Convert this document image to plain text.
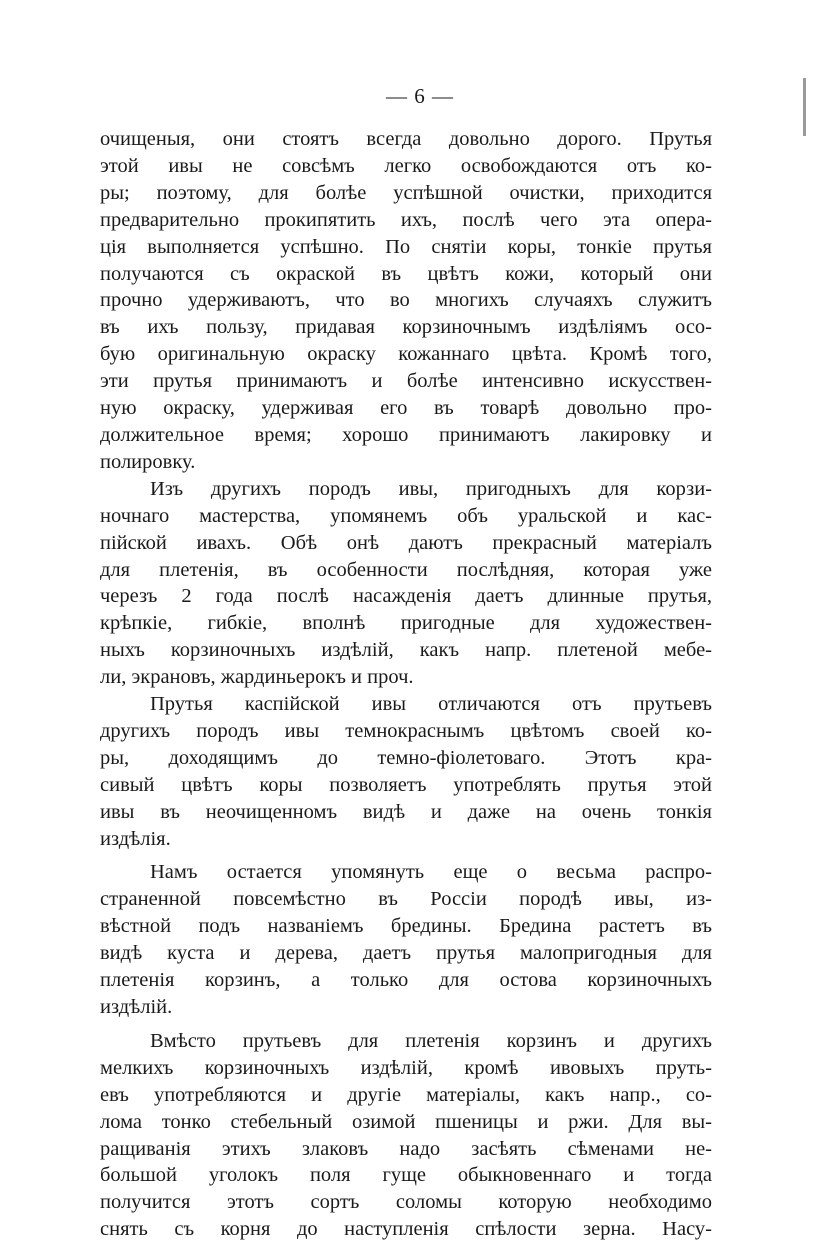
— 6 —
очищеныя, они стоятъ всегда довольно дорого. Прутья
этой ивы не совсѣмъ легко освобождаются отъ ко-
ры; поэтому, для болѣе успѣшной очистки, приходится
предварительно прокипятить ихъ, послѣ чего эта опера-
ція выполняется успѣшно. По снятіи коры, тонкіе прутья
получаются съ окраской въ цвѣтъ кожи, который они
прочно удерживаютъ, что во многихъ случаяхъ служитъ
въ ихъ пользу, придавая корзиночнымъ издѣліямъ осо-
бую оригинальную окраску кожаннаго цвѣта. Кромѣ того,
эти прутья принимаютъ и болѣе интенсивно искусствен-
ную окраску, удерживая его въ товарѣ довольно про-
должительное время; хорошо принимаютъ лакировку и
полировку.
Изъ другихъ породъ ивы, пригодныхъ для корзи-
ночнаго мастерства, упомянемъ объ уральской и кас-
пійской ивахъ. Обѣ онѣ даютъ прекрасный матеріалъ
для плетенія, въ особенности послѣдняя, которая уже
черезъ 2 года послѣ насажденія даетъ длинные прутья,
крѣпкіе, гибкіе, вполнѣ пригодные для художествен-
ныхъ корзиночныхъ издѣлій, какъ напр. плетеной мебе-
ли, экрановъ, жардиньерокъ и проч.
Прутья каспійской ивы отличаются отъ прутьевъ
другихъ породъ ивы темнокраснымъ цвѣтомъ своей ко-
ры, доходящимъ до темно-фіолетоваго. Этотъ кра-
сивый цвѣтъ коры позволяетъ употреблять прутья этой
ивы въ неочищенномъ видѣ и даже на очень тонкія
издѣлія.
Намъ остается упомянуть еще о весьма распро-
страненной повсемѣстно въ Россіи породѣ ивы, из-
вѣстной подъ названіемъ бредины. Бредина растетъ въ
видѣ куста и дерева, даетъ прутья малопригодныя для
плетенія корзинъ, а только для остова корзиночныхъ
издѣлій.
Вмѣсто прутьевъ для плетенія корзинъ и другихъ
мелкихъ корзиночныхъ издѣлій, кромѣ ивовыхъ пруть-
евъ употребляются и другіе матеріалы, какъ напр., со-
лома тонко стебельный озимой пшеницы и ржи. Для вы-
ращиванія этихъ злаковъ надо засѣять сѣменами не-
большой уголокъ поля гуще обыкновеннаго и тогда
получится этотъ сортъ соломы которую необходимо
снять съ корня до наступленія спѣлости зерна. Насу-
